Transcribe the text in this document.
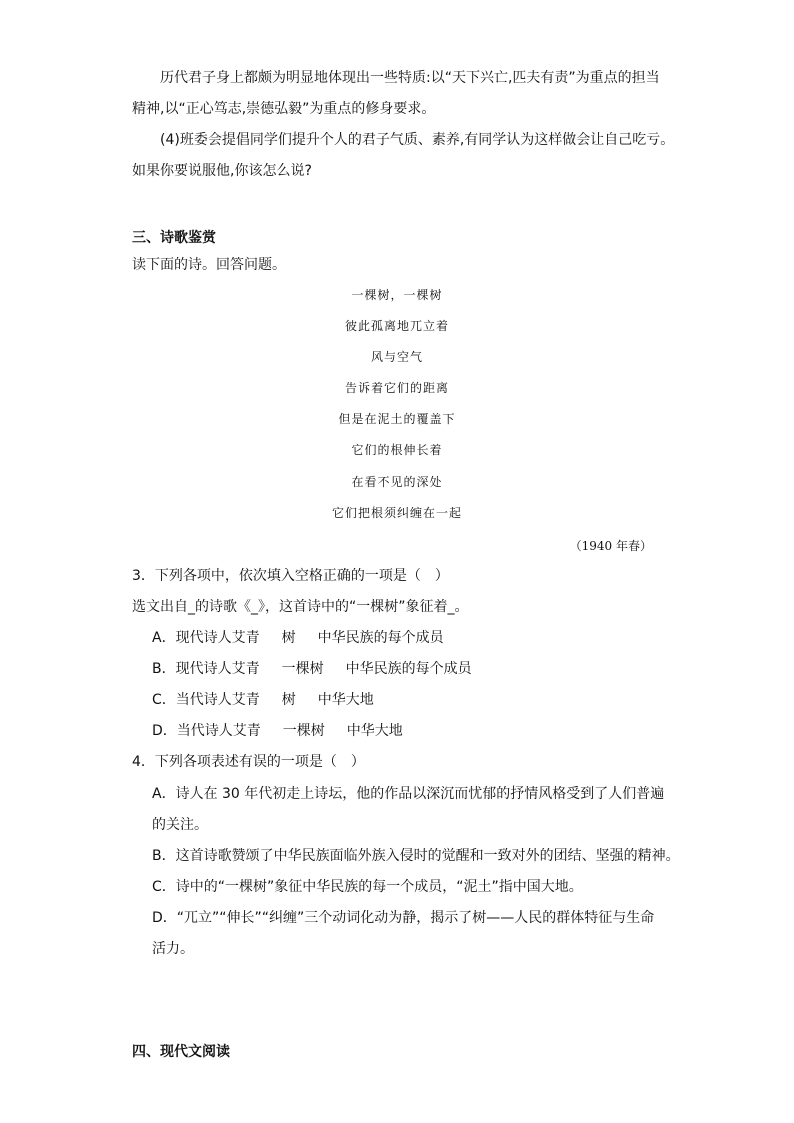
历代君子身上都颇为明显地体现出一些特质:以“天下兴亡,匹夫有责”为重点的担当
精神,以“正心笃志,崇德弘毅”为重点的修身要求。
(4)班委会提倡同学们提升个人的君子气质、素养,有同学认为这样做会让自己吃亏。
如果你要说服他,你该怎么说?
三、诗歌鉴赏
读下面的诗。回答问题。
一棵树，一棵树
彼此孤离地兀立着
风与空气
告诉着它们的距离
但是在泥土的覆盖下
它们的根伸长着
在看不见的深处
它们把根须纠缠在一起
（1940 年春）
3．下列各项中，依次填入空格正确的一项是（　）
选文出自_的诗歌《_》，这首诗中的“一棵树”象征着_。
A．现代诗人艾青 树 中华民族的每个成员
B．现代诗人艾青 一棵树 中华民族的每个成员
C．当代诗人艾青 树 中华大地
D．当代诗人艾青 一棵树 中华大地
4．下列各项表述有误的一项是（　）
A．诗人在 30 年代初走上诗坛，他的作品以深沉而忧郁的抒情风格受到了人们普遍
的关注。
B．这首诗歌赞颂了中华民族面临外族入侵时的觉醒和一致对外的团结、坚强的精神。
C．诗中的“一棵树”象征中华民族的每一个成员，“泥土”指中国大地。
D．“兀立”“伸长”“纠缠”三个动词化动为静，揭示了树——人民的群体特征与生命
活力。
四、现代文阅读
